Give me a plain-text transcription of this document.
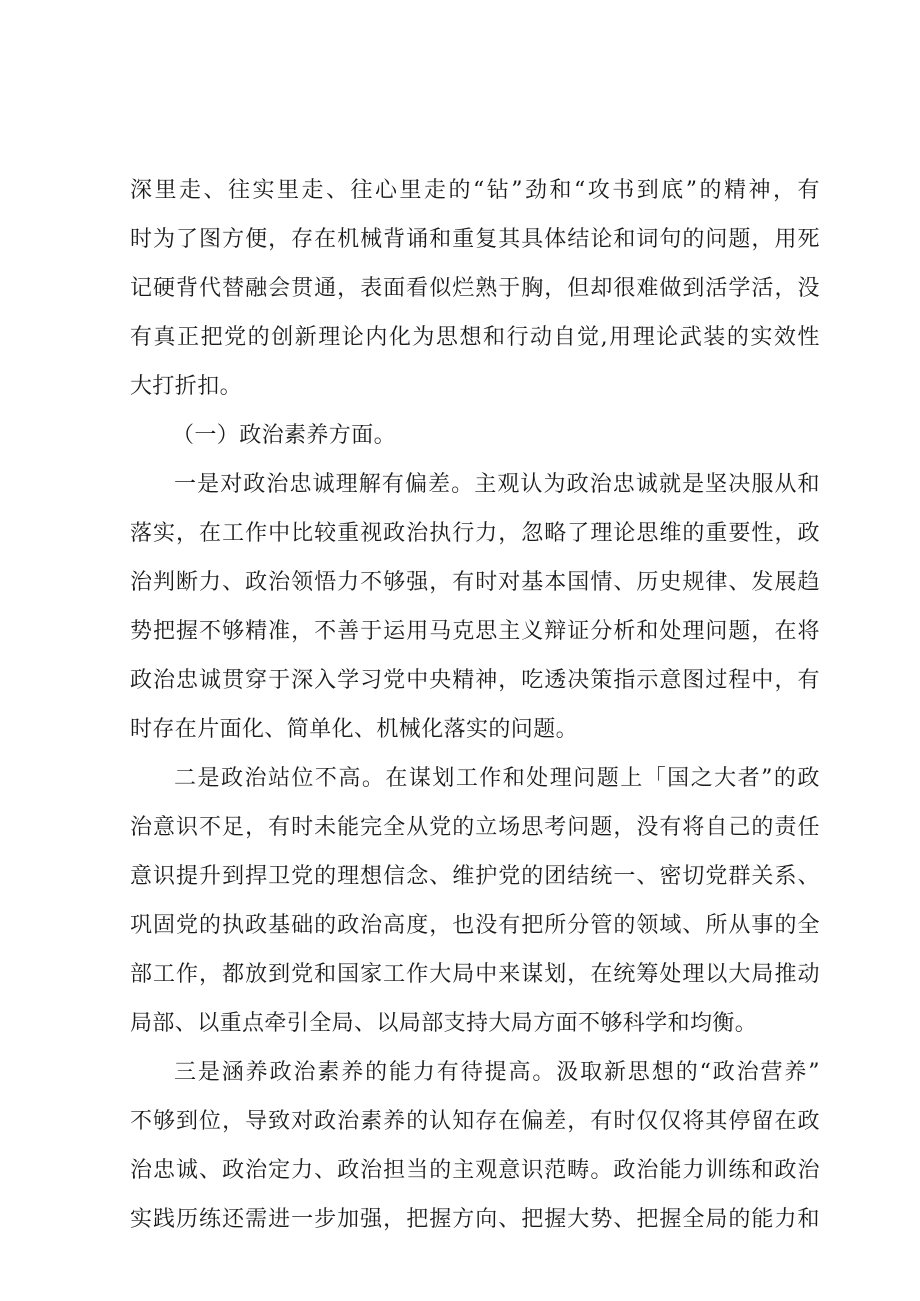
深 里 走 、 往 实 里 走 、 往 心 里 走 的 “ 钻 ” 劲 和 “ 攻 书 到 底 ” 的 精 神 ， 有
时 为 了 图 方 便 ， 存 在 机 械 背 诵 和 重 复 其 具 体 结 论 和 词 句 的 问 题 ， 用 死
记 硬 背 代 替 融 会 贯 通 ， 表 面 看 似 烂 熟 于 胸 ， 但 却 很 难 做 到 活 学 活 ， 没
有 真 正 把 党 的 创 新 理 论 内 化 为 思 想 和 行 动 自 觉 , 用 理 论 武 装 的 实 效 性
大打折扣。
（一）政治素养方面。
一 是 对 政 治 忠 诚 理 解 有 偏 差 。 主 观 认 为 政 治 忠 诚 就 是 坚 决 服 从 和
落 实 ， 在 工 作 中 比 较 重 视 政 治 执 行 力 ， 忽 略 了 理 论 思 维 的 重 要 性 ， 政
治 判 断 力 、 政 治 领 悟 力 不 够 强 ， 有 时 对 基 本 国 情 、 历 史 规 律 、 发 展 趋
势 把 握 不 够 精 准 ， 不 善 于 运 用 马 克 思 主 义 辩 证 分 析 和 处 理 问 题 ， 在 将
政 治 忠 诚 贯 穿 于 深 入 学 习 党 中 央 精 神 ， 吃 透 决 策 指 示 意 图 过 程 中 ， 有
时存在片面化、简单化、机械化落实的问题。
二 是 政 治 站 位 不 高 。 在 谋 划 工 作 和 处 理 问 题 上 「 国 之 大 者 ” 的 政
治 意 识 不 足 ， 有 时 未 能 完 全 从 党 的 立 场 思 考 问 题 ， 没 有 将 自 己 的 责 任
意 识 提 升 到 捍 卫 党 的 理 想 信 念 、 维 护 党 的 团 结 统 一 、 密 切 党 群 关 系 、
巩 固 党 的 执 政 基 础 的 政 治 高 度 ， 也 没 有 把 所 分 管 的 领 域 、 所 从 事 的 全
部 工 作 ， 都 放 到 党 和 国 家 工 作 大 局 中 来 谋 划 ， 在 统 筹 处 理 以 大 局 推 动
局部、以重点牵引全局、以局部支持大局方面不够科学和均衡。
三 是 涵 养 政 治 素 养 的 能 力 有 待 提 高 。 汲 取 新 思 想 的 “ 政 治 营 养 ”
不 够 到 位 ， 导 致 对 政 治 素 养 的 认 知 存 在 偏 差 ， 有 时 仅 仅 将 其 停 留 在 政
治 忠 诚 、 政 治 定 力 、 政 治 担 当 的 主 观 意 识 范 畴 。 政 治 能 力 训 练 和 政 治
实 践 历 练 还 需 进 一 步 加 强 ， 把 握 方 向 、 把 握 大 势 、 把 握 全 局 的 能 力 和
